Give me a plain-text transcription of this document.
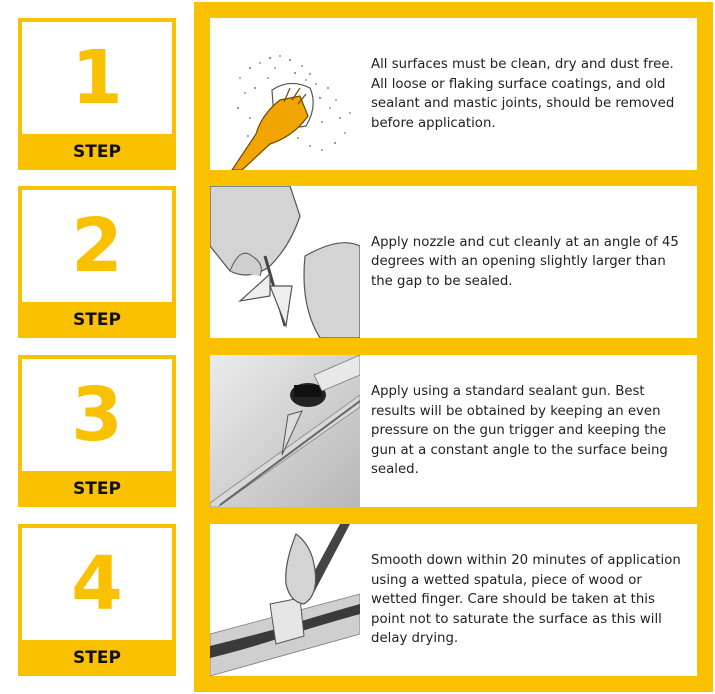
1
STEP
All surfaces must be clean, dry and dust free. All loose or flaking surface coatings, and old sealant and mastic joints, should be removed before application.
2
STEP
Apply nozzle and cut cleanly at an angle of 45 degrees with an opening slightly larger than the gap to be sealed.
3
STEP
Apply using a standard sealant gun. Best results will be obtained by keeping an even pressure on the gun trigger and keeping the gun at a constant angle to the surface being sealed.
4
STEP
Smooth down within 20 minutes of application using a wetted spatula, piece of wood or wetted finger. Care should be taken at this point not to saturate the surface as this will delay drying.
